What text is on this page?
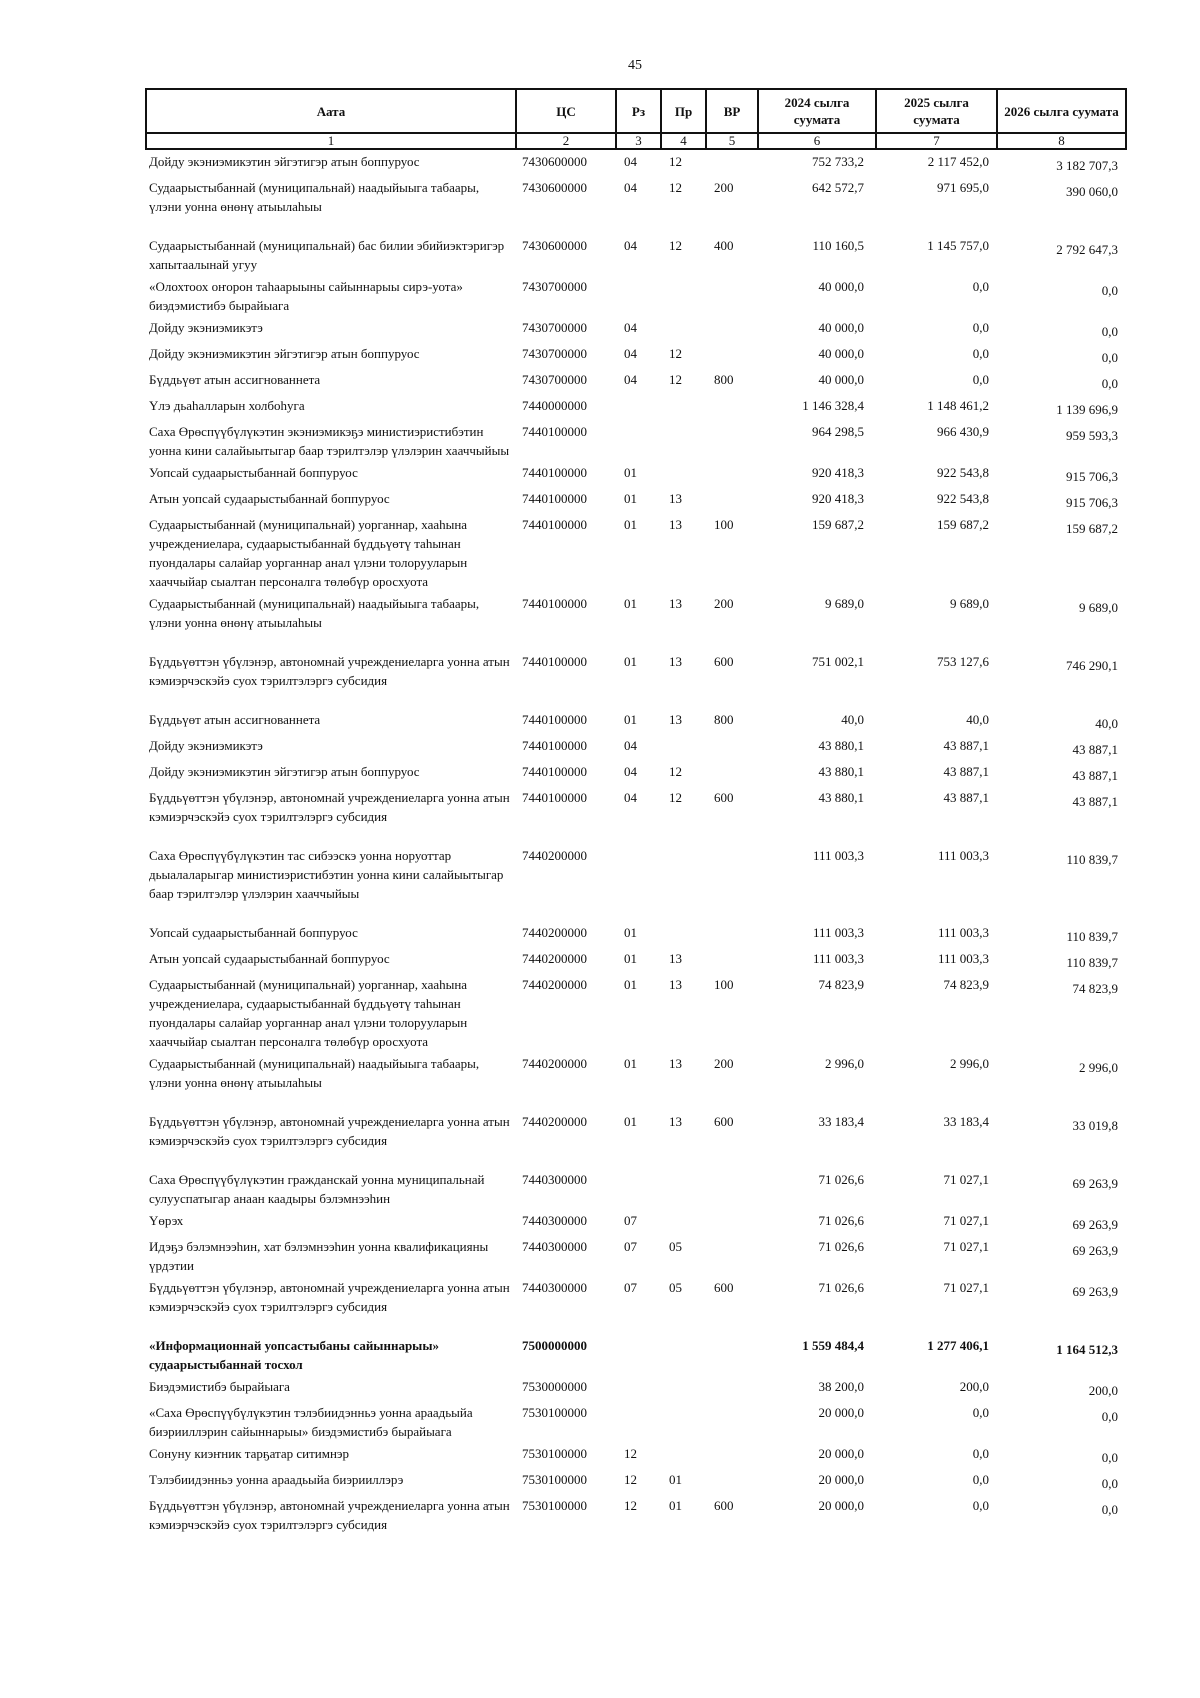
45
Аата	ЦС	Рз	Пр	ВР	2024 сылга суумата	2025 сылга суумата	2026 сылга суумата
1	2	3	4	5	6	7	8
Дойду экэниэмикэтин эйгэтигэр атын боппуруос	7430600000	04	12		752 733,2	2 117 452,0	3 182 707,3
Судаарыстыбаннай (муниципальнай) наадыйыыга табаары, үлэни уонна өнөнү атыылаһыы	7430600000	04	12	200	642 572,7	971 695,0	390 060,0
Судаарыстыбаннай (муниципальнай) бас билии эбийиэктэригэр хапытаалынай угуу	7430600000	04	12	400	110 160,5	1 145 757,0	2 792 647,3
«Олохтоох оҥорон таһаарыыны сайыннарыы сирэ-уота» биэдэмистибэ бырайыага	7430700000				40 000,0	0,0	0,0
Дойду экэниэмикэтэ	7430700000	04			40 000,0	0,0	0,0
Дойду экэниэмикэтин эйгэтигэр атын боппуруос	7430700000	04	12		40 000,0	0,0	0,0
Бүддьүөт атын ассигнованнета	7430700000	04	12	800	40 000,0	0,0	0,0
Үлэ дьаһалларын холбоһуга	7440000000				1 146 328,4	1 148 461,2	1 139 696,9
Саха Өрөспүүбүлүкэтин экэниэмикэҕэ министиэристибэтин уонна кини салайыытыгар баар тэрилтэлэр үлэлэрин хааччыйыы	7440100000				964 298,5	966 430,9	959 593,3
Уопсай судаарыстыбаннай боппуруос	7440100000	01			920 418,3	922 543,8	915 706,3
Атын уопсай судаарыстыбаннай боппуруос	7440100000	01	13		920 418,3	922 543,8	915 706,3
Судаарыстыбаннай (муниципальнай) уорганнар, хааһына учреждениелара, судаарыстыбаннай бүддьүөтү таһынан пуондалары салайар уорганнар анал үлэни толорууларын хааччыйар сыалтан персоналга төлөбүр оросхуота	7440100000	01	13	100	159 687,2	159 687,2	159 687,2
Судаарыстыбаннай (муниципальнай) наадыйыыга табаары, үлэни уонна өнөнү атыылаһыы	7440100000	01	13	200	9 689,0	9 689,0	9 689,0
Бүддьүөттэн үбүлэнэр, автономнай учреждениеларга уонна атын кэмиэрчэскэйэ суох тэрилтэлэргэ субсидия	7440100000	01	13	600	751 002,1	753 127,6	746 290,1
Бүддьүөт атын ассигнованнета	7440100000	01	13	800	40,0	40,0	40,0
Дойду экэниэмикэтэ	7440100000	04			43 880,1	43 887,1	43 887,1
Дойду экэниэмикэтин эйгэтигэр атын боппуруос	7440100000	04	12		43 880,1	43 887,1	43 887,1
Бүддьүөттэн үбүлэнэр, автономнай учреждениеларга уонна атын кэмиэрчэскэйэ суох тэрилтэлэргэ субсидия	7440100000	04	12	600	43 880,1	43 887,1	43 887,1
Саха Өрөспүүбүлүкэтин тас сибээскэ уонна норуоттар дьыалаларыгар министиэристибэтин уонна кини салайыытыгар баар тэрилтэлэр үлэлэрин хааччыйыы	7440200000				111 003,3	111 003,3	110 839,7
Уопсай судаарыстыбаннай боппуруос	7440200000	01			111 003,3	111 003,3	110 839,7
Атын уопсай судаарыстыбаннай боппуруос	7440200000	01	13		111 003,3	111 003,3	110 839,7
Судаарыстыбаннай (муниципальнай) уорганнар, хааһына учреждениелара, судаарыстыбаннай бүддьүөтү таһынан пуондалары салайар уорганнар анал үлэни толорууларын хааччыйар сыалтан персоналга төлөбүр оросхуота	7440200000	01	13	100	74 823,9	74 823,9	74 823,9
Судаарыстыбаннай (муниципальнай) наадыйыыга табаары, үлэни уонна өнөнү атыылаһыы	7440200000	01	13	200	2 996,0	2 996,0	2 996,0
Бүддьүөттэн үбүлэнэр, автономнай учреждениеларга уонна атын кэмиэрчэскэйэ суох тэрилтэлэргэ субсидия	7440200000	01	13	600	33 183,4	33 183,4	33 019,8
Саха Өрөспүүбүлүкэтин гражданскай уонна муниципальнай сулууспатыгар анаан каадыры бэлэмнээһин	7440300000				71 026,6	71 027,1	69 263,9
Үөрэх	7440300000	07			71 026,6	71 027,1	69 263,9
Идэҕэ бэлэмнээһин, хат бэлэмнээһин уонна квалификацияны үрдэтии	7440300000	07	05		71 026,6	71 027,1	69 263,9
Бүддьүөттэн үбүлэнэр, автономнай учреждениеларга уонна атын кэмиэрчэскэйэ суох тэрилтэлэргэ субсидия	7440300000	07	05	600	71 026,6	71 027,1	69 263,9
«Информационнай уопсастыбаны сайыннарыы» судаарыстыбаннай тосхол	7500000000				1 559 484,4	1 277 406,1	1 164 512,3
Биэдэмистибэ бырайыага	7530000000				38 200,0	200,0	200,0
«Саха Өрөспүүбүлүкэтин тэлэбиидэнньэ уонна араадьыйа биэрииллэрин сайыннарыы» биэдэмистибэ бырайыага	7530100000				20 000,0	0,0	0,0
Сонуну киэҥник тарҕатар ситимнэр	7530100000	12			20 000,0	0,0	0,0
Тэлэбиидэнньэ уонна араадьыйа биэрииллэрэ	7530100000	12	01		20 000,0	0,0	0,0
Бүддьүөттэн үбүлэнэр, автономнай учреждениеларга уонна атын кэмиэрчэскэйэ суох тэрилтэлэргэ субсидия	7530100000	12	01	600	20 000,0	0,0	0,0
